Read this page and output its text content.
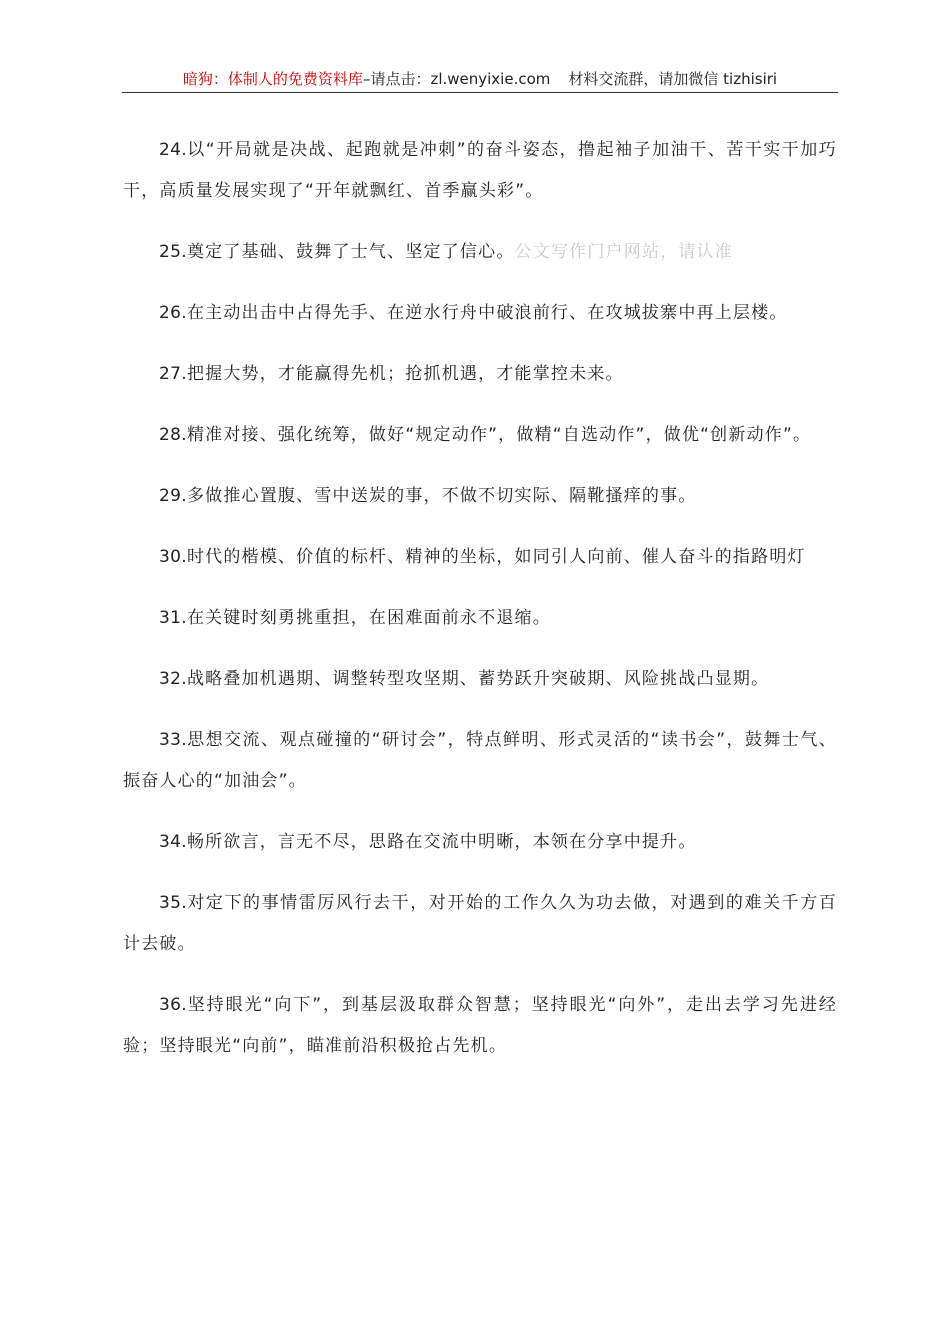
暗狗：体制人的免费资料库–请点击：zl.wenyixie.com 材料交流群，请加微信 tizhisiri

24.以“开局就是决战、起跑就是冲刺”的奋斗姿态，撸起袖子加油干、苦干实干加巧干，高质量发展实现了“开年就飘红、首季赢头彩”。

25.奠定了基础、鼓舞了士气、坚定了信心。公文写作门户网站，请认准

26.在主动出击中占得先手、在逆水行舟中破浪前行、在攻城拔寨中再上层楼。

27.把握大势，才能赢得先机；抢抓机遇，才能掌控未来。

28.精准对接、强化统筹，做好“规定动作”，做精“自选动作”，做优“创新动作”。

29.多做推心置腹、雪中送炭的事，不做不切实际、隔靴搔痒的事。

30.时代的楷模、价值的标杆、精神的坐标，如同引人向前、催人奋斗的指路明灯

31.在关键时刻勇挑重担，在困难面前永不退缩。

32.战略叠加机遇期、调整转型攻坚期、蓄势跃升突破期、风险挑战凸显期。

33.思想交流、观点碰撞的“研讨会”，特点鲜明、形式灵活的“读书会”，鼓舞士气、振奋人心的“加油会”。

34.畅所欲言，言无不尽，思路在交流中明晰，本领在分享中提升。

35.对定下的事情雷厉风行去干，对开始的工作久久为功去做，对遇到的难关千方百计去破。

36.坚持眼光“向下”，到基层汲取群众智慧；坚持眼光“向外”，走出去学习先进经验；坚持眼光“向前”，瞄准前沿积极抢占先机。
